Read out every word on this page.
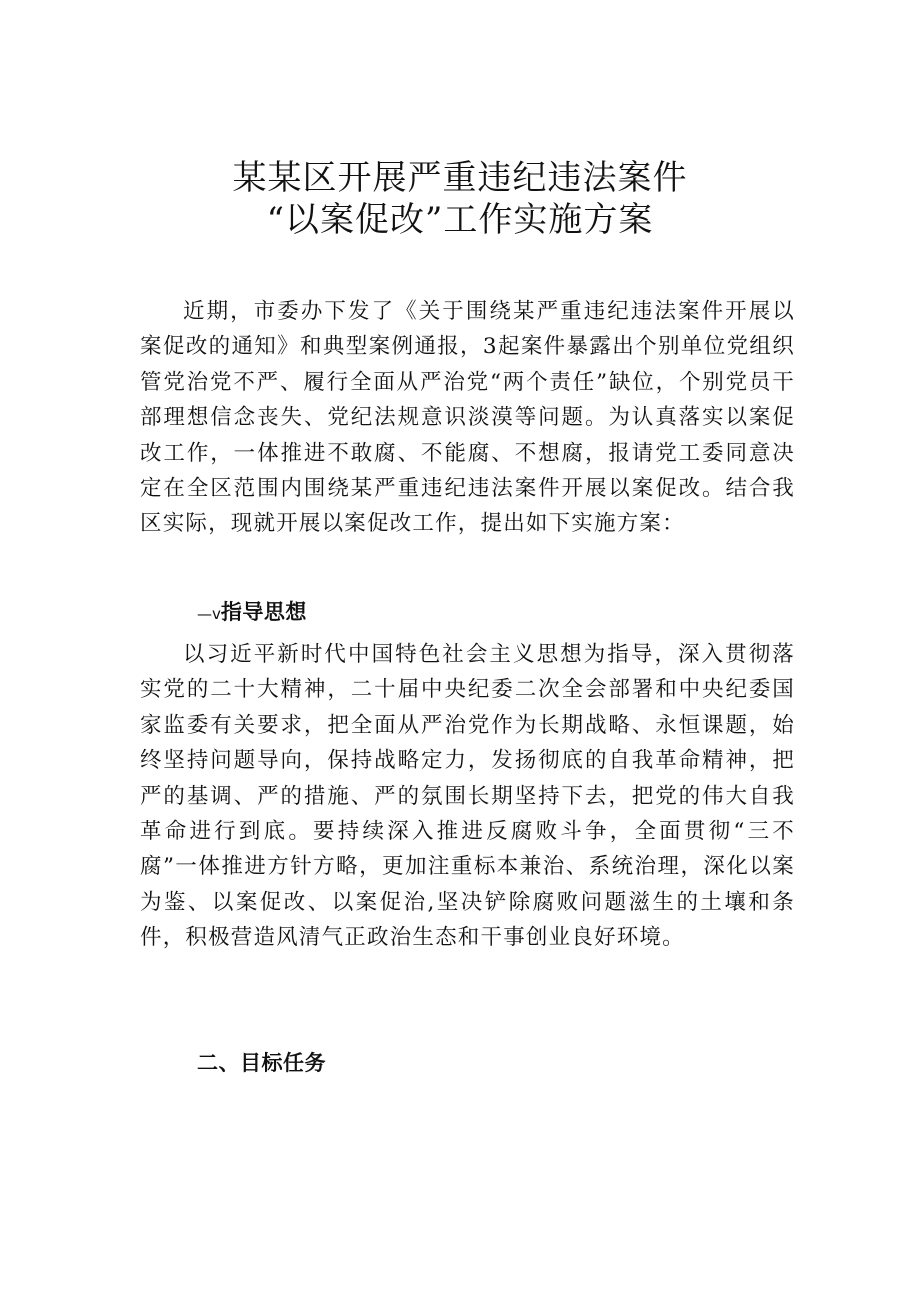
某某区开展严重违纪违法案件
“以案促改”工作实施方案

近期，市委办下发了《关于围绕某严重违纪违法案件开展以案促改的通知》和典型案例通报，3起案件暴露出个别单位党组织管党治党不严、履行全面从严治党“两个责任”缺位，个别党员干部理想信念丧失、党纪法规意识淡漠等问题。为认真落实以案促改工作，一体推进不敢腐、不能腐、不想腐，报请党工委同意决定在全区范围内围绕某严重违纪违法案件开展以案促改。结合我区实际，现就开展以案促改工作，提出如下实施方案：

—v指导思想

以习近平新时代中国特色社会主义思想为指导，深入贯彻落实党的二十大精神，二十届中央纪委二次全会部署和中央纪委国家监委有关要求，把全面从严治党作为长期战略、永恒课题，始终坚持问题导向，保持战略定力，发扬彻底的自我革命精神，把严的基调、严的措施、严的氛围长期坚持下去，把党的伟大自我革命进行到底。要持续深入推进反腐败斗争，全面贯彻“三不腐”一体推进方针方略，更加注重标本兼治、系统治理，深化以案为鉴、以案促改、以案促治,坚决铲除腐败问题滋生的土壤和条件，积极营造风清气正政治生态和干事创业良好环境。

二、目标任务
